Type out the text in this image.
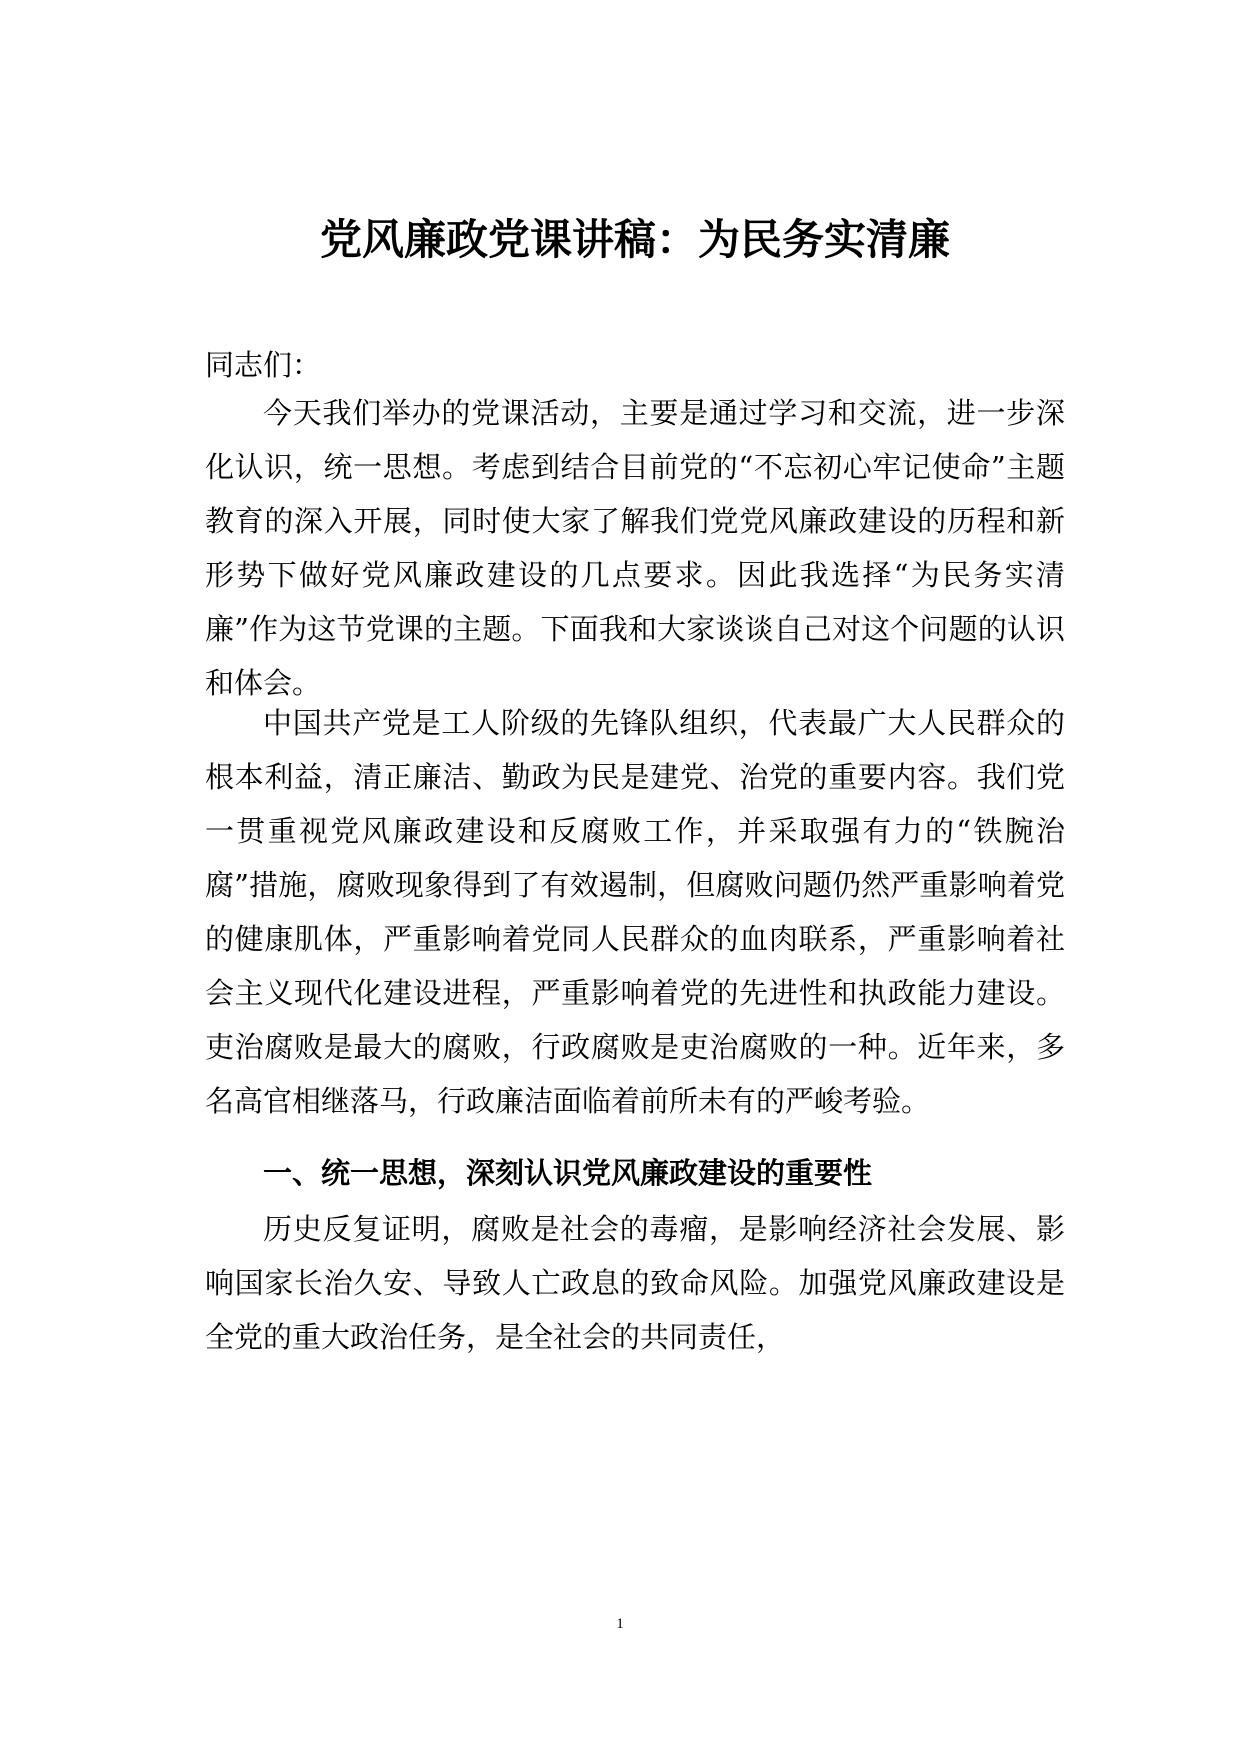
党风廉政党课讲稿：为民务实清廉

同志们：

今天我们举办的党课活动，主要是通过学习和交流，进一步深化认识，统一思想。考虑到结合目前党的“不忘初心牢记使命”主题教育的深入开展，同时使大家了解我们党党风廉政建设的历程和新形势下做好党风廉政建设的几点要求。因此我选择“为民务实清廉”作为这节党课的主题。下面我和大家谈谈自己对这个问题的认识和体会。

中国共产党是工人阶级的先锋队组织，代表最广大人民群众的根本利益，清正廉洁、勤政为民是建党、治党的重要内容。我们党一贯重视党风廉政建设和反腐败工作，并采取强有力的“铁腕治腐”措施，腐败现象得到了有效遏制，但腐败问题仍然严重影响着党的健康肌体，严重影响着党同人民群众的血肉联系，严重影响着社会主义现代化建设进程，严重影响着党的先进性和执政能力建设。吏治腐败是最大的腐败，行政腐败是吏治腐败的一种。近年来，多名高官相继落马，行政廉洁面临着前所未有的严峻考验。

一、统一思想，深刻认识党风廉政建设的重要性

历史反复证明，腐败是社会的毒瘤，是影响经济社会发展、影响国家长治久安、导致人亡政息的致命风险。加强党风廉政建设是全党的重大政治任务，是全社会的共同责任，

1
